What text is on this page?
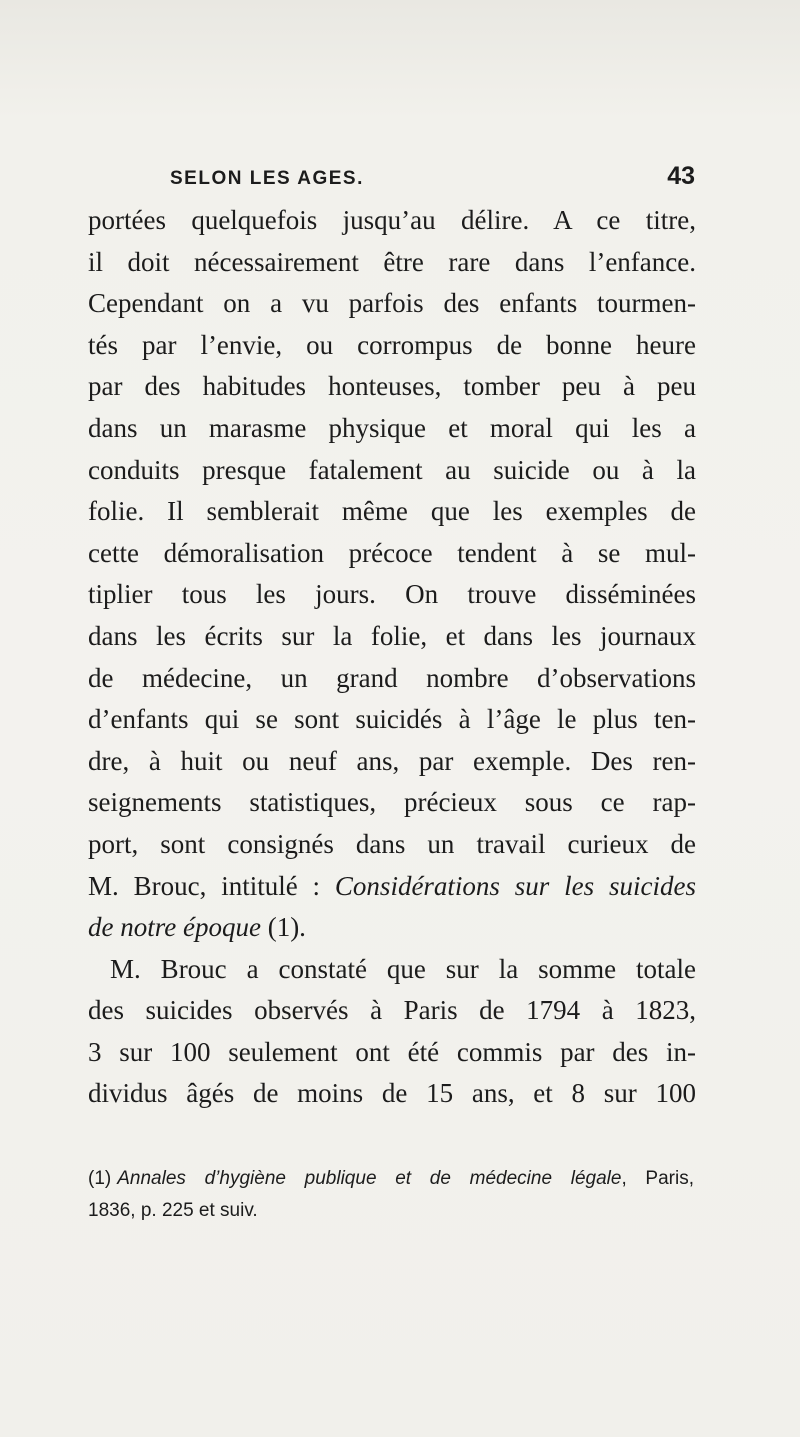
SELON LES AGES.	43
portées quelquefois jusqu’au délire. A ce titre,
il doit nécessairement être rare dans l’enfance.
Cependant on a vu parfois des enfants tourmen-
tés par l’envie, ou corrompus de bonne heure
par des habitudes honteuses, tomber peu à peu
dans un marasme physique et moral qui les a
conduits presque fatalement au suicide ou à la
folie. Il semblerait même que les exemples de
cette démoralisation précoce tendent à se mul-
tiplier tous les jours. On trouve disséminées
dans les écrits sur la folie, et dans les journaux
de médecine, un grand nombre d’observations
d’enfants qui se sont suicidés à l’âge le plus ten-
dre, à huit ou neuf ans, par exemple. Des ren-
seignements statistiques, précieux sous ce rap-
port, sont consignés dans un travail curieux de
M. Brouc, intitulé : Considérations sur les suicides
de notre époque (1).
M. Brouc a constaté que sur la somme totale
des suicides observés à Paris de 1794 à 1823,
3 sur 100 seulement ont été commis par des in-
dividus âgés de moins de 15 ans, et 8 sur 100
(1) Annales d’hygiène publique et de médecine légale, Paris,
1836, p. 225 et suiv.
